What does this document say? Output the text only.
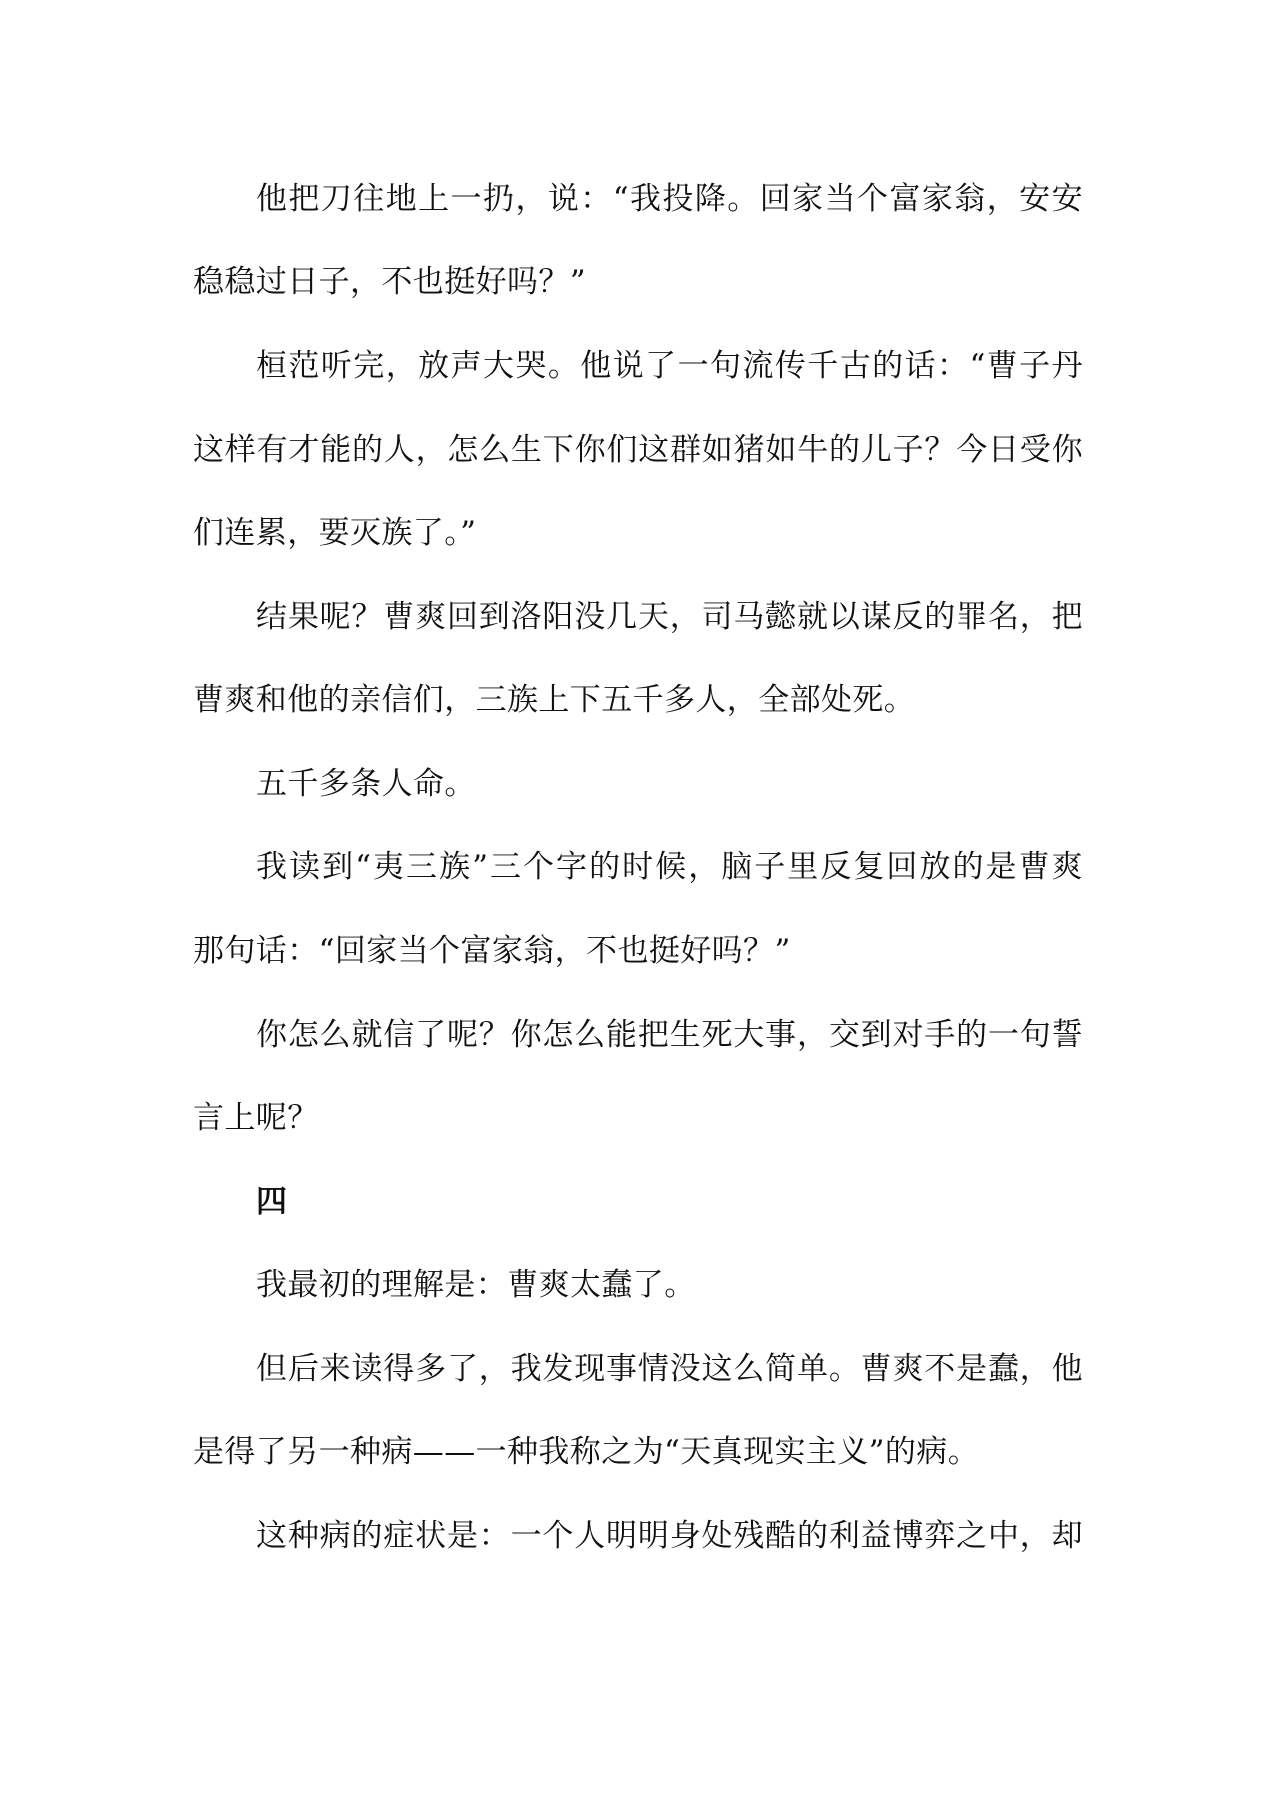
他把刀往地上一扔，说：“我投降。回家当个富家翁，安安
稳稳过日子，不也挺好吗？”
桓范听完，放声大哭。他说了一句流传千古的话：“曹子丹
这样有才能的人，怎么生下你们这群如猪如牛的儿子？今日受你
们连累，要灭族了。”
结果呢？曹爽回到洛阳没几天，司马懿就以谋反的罪名，把
曹爽和他的亲信们，三族上下五千多人，全部处死。
五千多条人命。
我读到“夷三族”三个字的时候，脑子里反复回放的是曹爽
那句话：“回家当个富家翁，不也挺好吗？”
你怎么就信了呢？你怎么能把生死大事，交到对手的一句誓
言上呢？
四
我最初的理解是：曹爽太蠢了。
但后来读得多了，我发现事情没这么简单。曹爽不是蠢，他
是得了另一种病——一种我称之为“天真现实主义”的病。
这种病的症状是：一个人明明身处残酷的利益博弈之中，却
